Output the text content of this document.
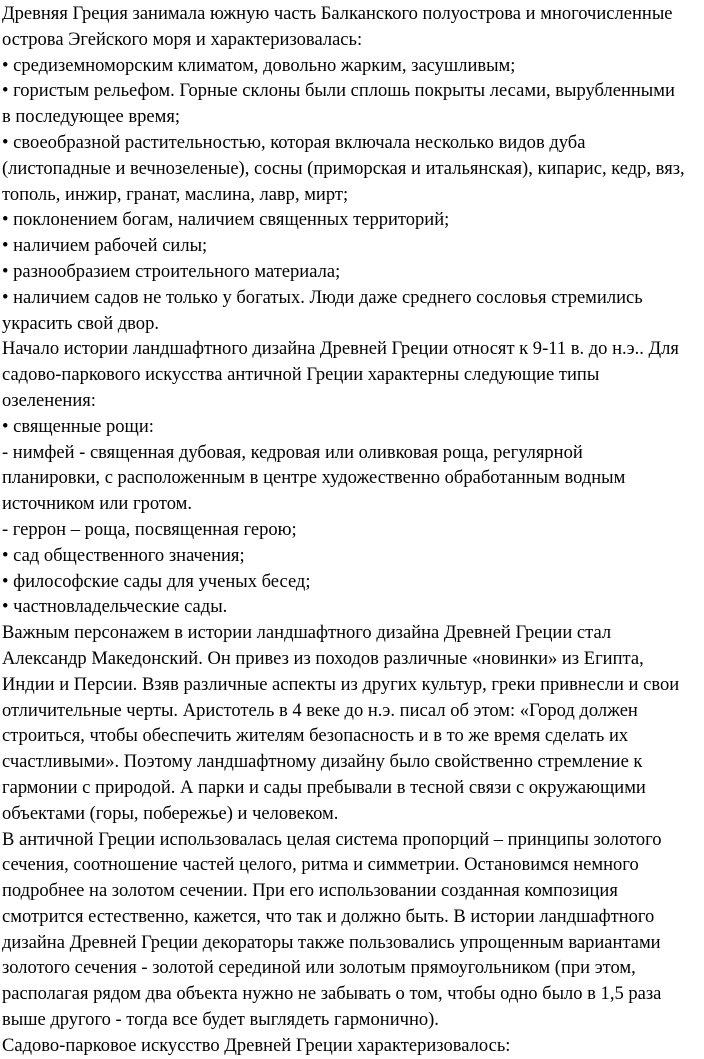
Древняя Греция занимала южную часть Балканского полуострова и многочисленные
острова Эгейского моря и характеризовалась:

• средиземноморским климатом, довольно жарким, засушливым;
• гористым рельефом. Горные склоны были сплошь покрыты лесами, вырубленными
в последующее время;
• своеобразной растительностью, которая включала несколько видов дуба
(листопадные и вечнозеленые), сосны (приморская и итальянская), кипарис, кедр, вяз,
тополь, инжир, гранат, маслина, лавр, мирт;
• поклонением богам, наличием священных территорий;
• наличием рабочей силы;
• разнообразием строительного материала;
• наличием садов не только у богатых. Люди даже среднего сословья стремились
украсить свой двор.

Начало истории ландшафтного дизайна Древней Греции относят к 9-11 в. до н.э.. Для
садово-паркового искусства античной Греции характерны следующие типы
озеленения:

• священные рощи:
- нимфей - священная дубовая, кедровая или оливковая роща, регулярной
планировки, с расположенным в центре художественно обработанным водным
источником или гротом.
- геррон – роща, посвященная герою;
• сад общественного значения;
• философские сады для ученых бесед;
• частновладельческие сады.

Важным персонажем в истории ландшафтного дизайна Древней Греции стал
Александр Македонский. Он привез из походов различные «новинки» из Египта,
Индии и Персии. Взяв различные аспекты из других культур, греки привнесли и свои
отличительные черты. Аристотель в 4 веке до н.э. писал об этом: «Город должен
строиться, чтобы обеспечить жителям безопасность и в то же время сделать их
счастливыми». Поэтому ландшафтному дизайну было свойственно стремление к
гармонии с природой. А парки и сады пребывали в тесной связи с окружающими
объектами (горы, побережье) и человеком.

В античной Греции использовалась целая система пропорций – принципы золотого
сечения, соотношение частей целого, ритма и симметрии. Остановимся немного
подробнее на золотом сечении. При его использовании созданная композиция
смотрится естественно, кажется, что так и должно быть. В истории ландшафтного
дизайна Древней Греции декораторы также пользовались упрощенным вариантами
золотого сечения - золотой серединой или золотым прямоугольником (при этом,
располагая рядом два объекта нужно не забывать о том, чтобы одно было в 1,5 раза
выше другого - тогда все будет выглядеть гармонично).

Садово-парковое искусство Древней Греции характеризовалось:
